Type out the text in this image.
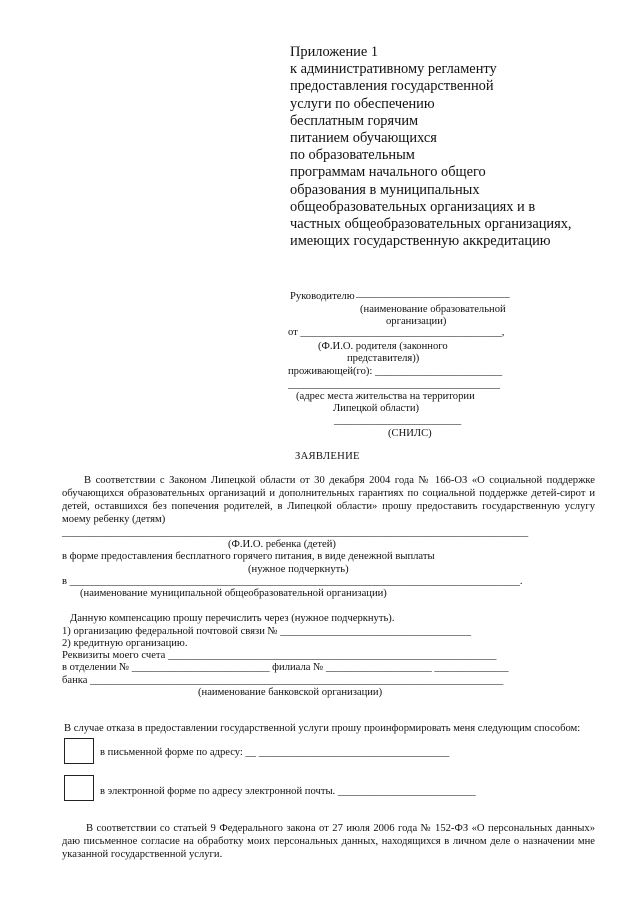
Приложение 1
к административному регламенту
предоставления государственной
услуги по обеспечению
бесплатным горячим
питанием обучающихся
по образовательным
программам начального общего
образования в муниципальных
общеобразовательных организациях и в
частных общеобразовательных организациях,
имеющих государственную аккредитацию
Руководителю _____________________________
(наименование образовательной
организации)
от ______________________________________,
(Ф.И.О. родителя (законного
представителя))
проживающей(го): ________________________
________________________________________
(адрес места жительства на территории
Липецкой области)
________________________
(СНИЛС)
ЗАЯВЛЕНИЕ
В соответствии с Законом Липецкой области от 30 декабря 2004 года № 166-ОЗ «О социальной поддержке обучающихся образовательных организаций и дополнительных гарантиях по социальной поддержке детей-сирот и детей, оставшихся без попечения родителей, в Липецкой области» прошу предоставить государственную услугу моему ребенку (детям)
________________________________________________________________________________________
(Ф.И.О. ребенка (детей)
в форме предоставления бесплатного горячего питания, в виде денежной выплаты
(нужное подчеркнуть)
в _____________________________________________________________________________________.
(наименование муниципальной общеобразовательной организации)
Данную компенсацию прошу перечислить через (нужное подчеркнуть).
1) организацию федеральной почтовой связи № ____________________________________
2) кредитную организацию.
Реквизиты моего счета ______________________________________________________________
в отделении № __________________________ филиала № ____________________ ______________
банка ______________________________________________________________________________
(наименование банковской организации)
В случае отказа в предоставлении государственной услуги прошу проинформировать меня следующим способом:
в письменной форме по адресу: __ ____________________________________
в электронной форме по адресу электронной почты. __________________________
В соответствии со статьей 9 Федерального закона от 27 июля 2006 года № 152-ФЗ «О персональных данных» даю письменное согласие на обработку моих персональных данных, находящихся в личном деле о назначении мне указанной государственной услуги.
